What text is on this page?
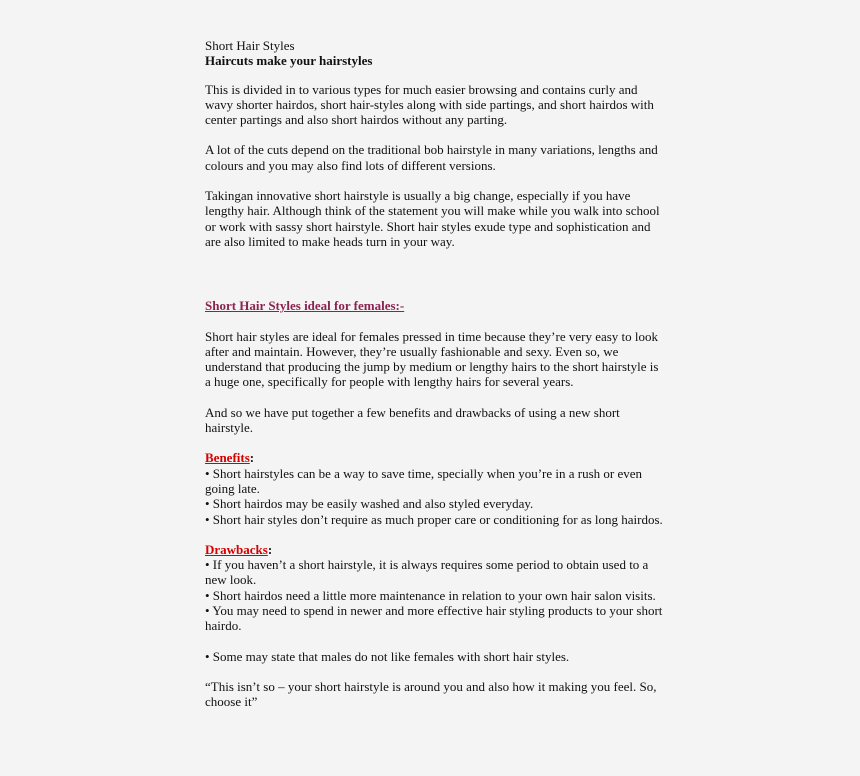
Short Hair Styles
Haircuts make your hairstyles

This is divided in to various types for much easier browsing and contains curly and wavy shorter hairdos, short hair-styles along with side partings, and short hairdos with center partings and also short hairdos without any parting.

A lot of the cuts depend on the traditional bob hairstyle in many variations, lengths and colours and you may also find lots of different versions.

Takingan innovative short hairstyle is usually a big change, especially if you have lengthy hair. Although think of the statement you will make while you walk into school or work with sassy short hairstyle. Short hair styles exude type and sophistication and are also limited to make heads turn in your way.

Short Hair Styles ideal for females:-

Short hair styles are ideal for females pressed in time because they’re very easy to look after and maintain. However, they’re usually fashionable and sexy. Even so, we understand that producing the jump by medium or lengthy hairs to the short hairstyle is a huge one, specifically for people with lengthy hairs for several years.

And so we have put together a few benefits and drawbacks of using a new short hairstyle.

Benefits:
• Short hairstyles can be a way to save time, specially when you’re in a rush or even going late.
• Short hairdos may be easily washed and also styled everyday.
• Short hair styles don’t require as much proper care or conditioning for as long hairdos.
Drawbacks:
• If you haven’t a short hairstyle, it is always requires some period to obtain used to a new look.
• Short hairdos need a little more maintenance in relation to your own hair salon visits.
• You may need to spend in newer and more effective hair styling products to your short hairdo.
• Some may state that males do not like females with short hair styles.
“This isn’t so – your short hairstyle is around you and also how it making you feel. So, choose it”
